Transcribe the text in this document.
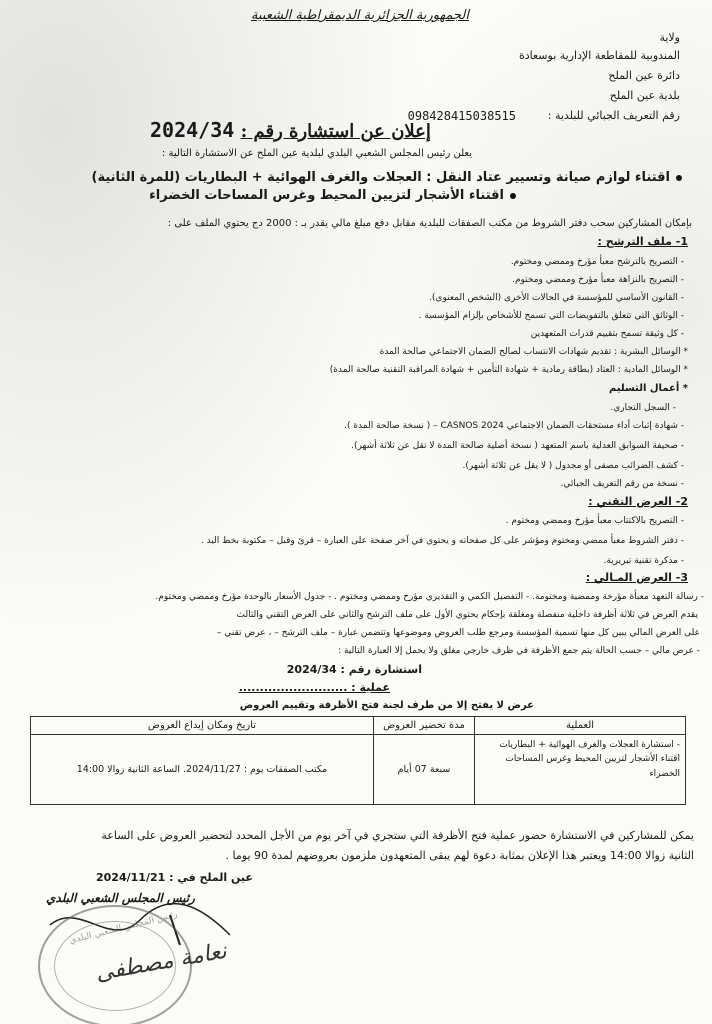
الجمهورية الجزائرية الديمقراطية الشعبية
ولاية
المندوبية للمقاطعة الإدارية بوسعادة
دائرة عين الملح
بلدية عين الملح
رقم التعريف الجبائي للبلدية :
098428415038515
2024/34 إعلان عن استشارة رقم :
يعلن رئيس المجلس الشعبي البلدي لبلدية عين الملح عن الاستشارة التالية :
اقتناء لوازم صيانة وتسيير عتاد النقل : العجلات والغرف الهوائية + البطاريات (للمرة الثانية)
اقتناء الأشجار لتزيين المحيط وغرس المساحات الخضراء
بإمكان المشاركين سحب دفتر الشروط من مكتب الصفقات للبلدية مقابل دفع مبلغ مالي يقدر بـ : 2000 دج يحتوي الملف على :
1- ملف الترشح :
- التصريح بالترشح معبأ مؤرخ وممضي ومختوم.
- التصريح بالنزاهة معبأ مؤرخ وممضي ومختوم.
- القانون الأساسي للمؤسسة في الحالات الأخرى (الشخص المعنوي).
- الوثائق التي تتعلق بالتفويضات التي تسمح للأشخاص بإلزام المؤسسة .
- كل وثيقة تسمح بتقييم قدرات المتعهدين
* الوسائل البشرية : تقديم شهادات الانتساب لصالح الضمان الاجتماعي صالحة المدة
* الوسائل المادية : العتاد (بطاقة رمادية + شهادة التأمين + شهادة المراقبة التقنية صالحة المدة)
* أعمال التسليم
- السجل التجاري.
- شهادة إثبات أداء مستحقات الضمان الاجتماعي CASNOS 2024 – ( نسخة صالحة المدة ).
- صحيفة السوابق العدلية باسم المتعهد ( نسخة أصلية صالحة المدة لا تقل عن ثلاثة أشهر).
- كشف الضرائب مصفى أو مجدول ( لا يقل عن ثلاثة أشهر).
- نسخة من رقم التعريف الجبائي.
2- العرض التقني :
- التصريح بالاكتتاب معبأ مؤرخ وممضي ومختوم .
- دفتر الشروط معبأ ممضي ومختوم ومؤشر على كل صفحاته و يحتوي في آخر صفحة على العبارة – قرئ وقبل – مكتوبة بخط اليد .
- مذكرة تقنية تبريرية.
3- العرض المـالي :
- رسالة التعهد معبأة مؤرخة وممضية ومختومة. - التفصيل الكمي و التقديري مؤرخ وممضي ومختوم . - جدول الأسعار بالوحدة مؤرخ وممضي ومختوم.
يقدم العرض في ثلاثة أظرفة داخلية منفصلة ومغلقة بإحكام يحتوي الأول على ملف الترشح والثاني على العرض التقني والثالث
على العرض المالي يبين كل منها تسمية المؤسسة ومرجع طلب العروض وموضوعها وتتضمن عبارة – ملف الترشح – ، عرض تقني –
- عرض مالي – حسب الحالة يتم جمع الأظرفة في ظرف خارجي مغلق ولا يحمل إلا العبارة التالية :
استشارة رقم : 2024/34
عملية : ..........................
عرض لا يفتح إلا من طرف لجنة فتح الأظرفة وتقييم العروض
العملية	مدة تحضير العروض	تاريخ ومكان إيداع العروض
- استشارة العجلات والغرف الهوائية + البطاريات اقتناء الأشجار لتزيين المحيط وغرس المساحات الخضراء	سبعة 07 أيام	مكتب الصفقات يوم : 2024/11/27. الساعة الثانية زوالا 14:00
يمكن للمشاركين في الاستشارة حضور عملية فتح الأظرفة التي ستجري في آخر يوم من الأجل المحدد لتحضير العروض على الساعة
الثانية زوالا 14:00 ويعتبر هذا الإعلان بمثابة دعوة لهم يبقى المتعهدون ملزمون بعروضهم لمدة 90 يوما .
عين الملح في : 2024/11/21
رئيس المجلس الشعبي البلدي
رئيس المجلس الشعبي البلدي
نعامة مصطفى
